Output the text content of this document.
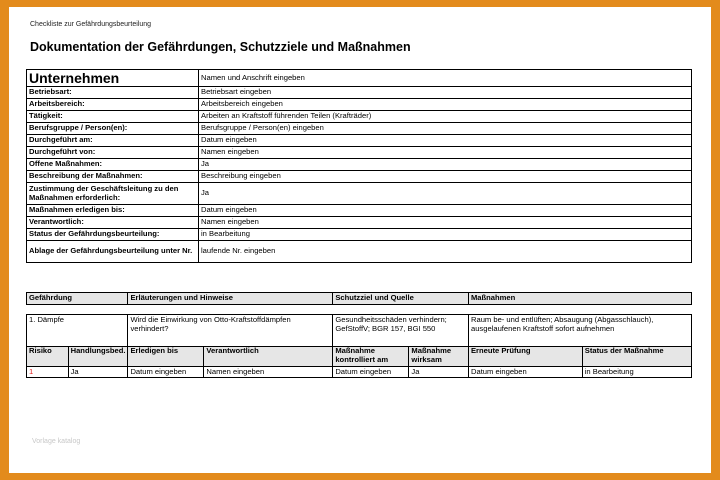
Checkliste zur Gefährdungsbeurteilung
Dokumentation der Gefährdungen, Schutzziele und Maßnahmen
Unternehmen	Namen und Anschrift eingeben
Betriebsart:	Betriebsart eingeben
Arbeitsbereich:	Arbeitsbereich eingeben
Tätigkeit:	Arbeiten an Kraftstoff führenden Teilen (Krafträder)
Berufsgruppe / Person(en):	Berufsgruppe / Person(en) eingeben
Durchgeführt am:	Datum eingeben
Durchgeführt von:	Namen eingeben
Offene Maßnahmen:	Ja
Beschreibung der Maßnahmen:	Beschreibung eingeben
Zustimmung der Geschäftsleitung zu den Maßnahmen erforderlich:	Ja
Maßnahmen erledigen bis:	Datum eingeben
Verantwortlich:	Namen eingeben
Status der Gefährdungsbeurteilung:	in Bearbeitung
Ablage der Gefährdungsbeurteilung unter Nr.	laufende Nr. eingeben
Gefährdung		Erläuterungen und Hinweise		Schutzziel und Quelle		Maßnahmen	

1. Dämpfe		Wird die Einwirkung von Otto-Kraftstoffdämpfen verhindert?		Gesundheitsschäden verhindern; GefStoffV; BGR 157, BGI 550		Raum be- und entlüften; Absaugung (Abgasschlauch), ausgelaufenen Kraftstoff sofort aufnehmen	
Risiko	Handlungsbed.	Erledigen bis	Verantwortlich	Maßnahme kontrolliert am	Maßnahme wirksam	Erneute Prüfung	Status der Maßnahme
1	Ja	Datum eingeben	Namen eingeben	Datum eingeben	Ja	Datum eingeben	in Bearbeitung
Vorlage katalog
